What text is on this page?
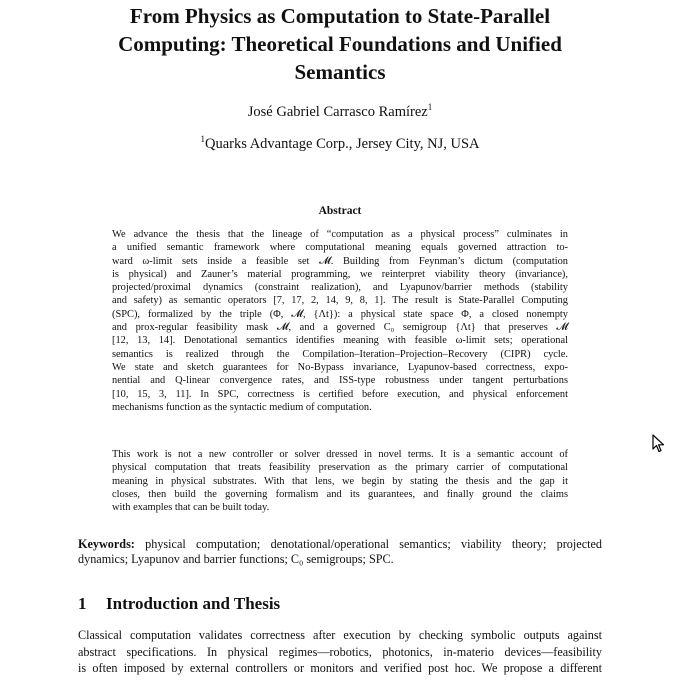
From Physics as Computation to State-Parallel
Computing: Theoretical Foundations and Unified
Semantics
José Gabriel Carrasco Ramírez$^1$
$^1$Quarks Advantage Corp., Jersey City, NJ, USA
Abstract
We advance the thesis that the lineage of “computation as a physical process” culminates in
a unified semantic framework where computational meaning equals governed attraction to-
ward ω-limit sets inside a feasible set 𝓜. Building from Feynman’s dictum (computation
is physical) and Zauner’s material programming, we reinterpret viability theory (invariance),
projected/proximal dynamics (constraint realization), and Lyapunov/barrier methods (stability
and safety) as semantic operators [7, 17, 2, 14, 9, 8, 1]. The result is State-Parallel Computing
(SPC), formalized by the triple (Φ, 𝓜, {Λt}): a physical state space Φ, a closed nonempty
and prox-regular feasibility mask 𝓜, and a governed C₀ semigroup {Λt} that preserves 𝓜
[12, 13, 14]. Denotational semantics identifies meaning with feasible ω-limit sets; operational
semantics is realized through the Compilation–Iteration–Projection–Recovery (CIPR) cycle.
We state and sketch guarantees for No-Bypass invariance, Lyapunov-based correctness, expo-
nential and Q-linear convergence rates, and ISS-type robustness under tangent perturbations
[10, 15, 3, 11]. In SPC, correctness is certified before execution, and physical enforcement
mechanisms function as the syntactic medium of computation.
This work is not a new controller or solver dressed in novel terms. It is a semantic account of
physical computation that treats feasibility preservation as the primary carrier of computational
meaning in physical substrates. With that lens, we begin by stating the thesis and the gap it
closes, then build the governing formalism and its guarantees, and finally ground the claims
with examples that can be built today.
Keywords: physical computation; denotational/operational semantics; viability theory; projected
dynamics; Lyapunov and barrier functions; C₀ semigroups; SPC.
1 Introduction and Thesis
Classical computation validates correctness after execution by checking symbolic outputs against
abstract specifications. In physical regimes—robotics, photonics, in-materio devices—feasibility
is often imposed by external controllers or monitors and verified post hoc. We propose a different
